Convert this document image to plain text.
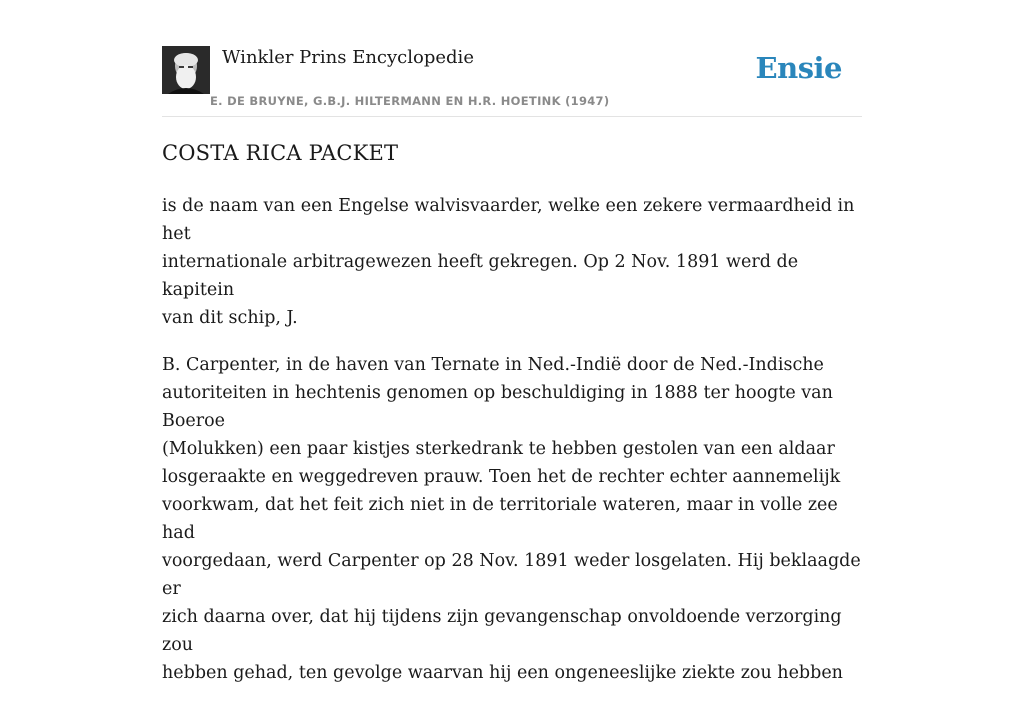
Winkler Prins Encyclopedie
E. DE BRUYNE, G.B.J. HILTERMANN EN H.R. HOETINK (1947)
Ensie
COSTA RICA PACKET

is de naam van een Engelse walvisvaarder, welke een zekere vermaardheid in het
internationale arbitragewezen heeft gekregen. Op 2 Nov. 1891 werd de kapitein
van dit schip, J.

B. Carpenter, in de haven van Ternate in Ned.-Indië door de Ned.-Indische
autoriteiten in hechtenis genomen op beschuldiging in 1888 ter hoogte van Boeroe
(Molukken) een paar kistjes sterkedrank te hebben gestolen van een aldaar
losgeraakte en weggedreven prauw. Toen het de rechter echter aannemelijk
voorkwam, dat het feit zich niet in de territoriale wateren, maar in volle zee had
voorgedaan, werd Carpenter op 28 Nov. 1891 weder losgelaten. Hij beklaagde er
zich daarna over, dat hij tijdens zijn gevangenschap onvoldoende verzorging zou
hebben gehad, ten gevolge waarvan hij een ongeneeslijke ziekte zou hebben
